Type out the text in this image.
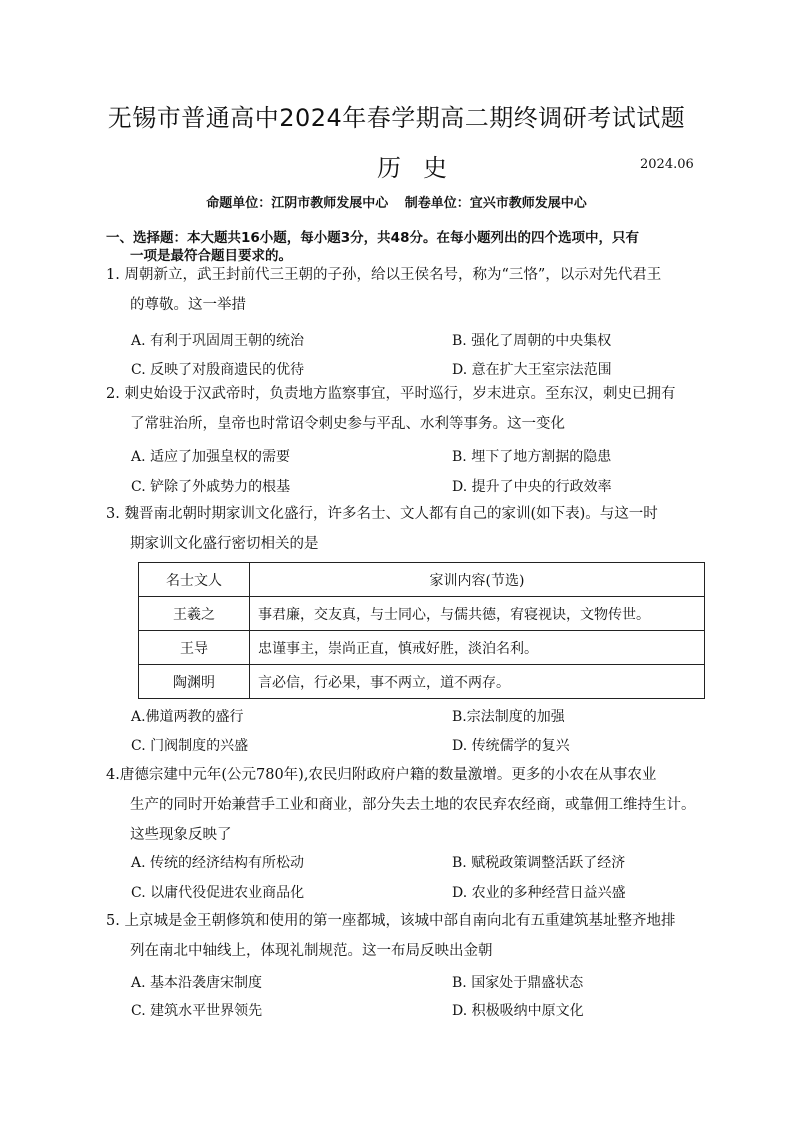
无锡市普通高中2024年春学期高二期终调研考试试题
历史	2024.06
命题单位：江阴市教师发展中心 制卷单位：宜兴市教师发展中心
一、选择题：本大题共16小题，每小题3分，共48分。在每小题列出的四个选项中，只有
一项是最符合题目要求的。
1. 周朝新立，武王封前代三王朝的子孙，给以王侯名号，称为“三恪”，以示对先代君王
的尊敬。这一举措
A. 有利于巩固周王朝的统治	B. 强化了周朝的中央集权
C. 反映了对殷商遗民的优待	D. 意在扩大王室宗法范围
2. 刺史始设于汉武帝时，负责地方监察事宜，平时巡行，岁末进京。至东汉，刺史已拥有
了常驻治所，皇帝也时常诏令刺史参与平乱、水利等事务。这一变化
A. 适应了加强皇权的需要	B. 埋下了地方割据的隐患
C. 铲除了外戚势力的根基	D. 提升了中央的行政效率
3. 魏晋南北朝时期家训文化盛行，许多名士、文人都有自己的家训(如下表)。与这一时
期家训文化盛行密切相关的是
名士文人	家训内容(节选)
王羲之	事君廉，交友真，与士同心，与儒共德，宥寝视诀，文物传世。
王导	忠谨事主，崇尚正直，慎戒好胜，淡泊名利。
陶渊明	言必信，行必果，事不两立，道不两存。
A.佛道两教的盛行	B.宗法制度的加强
C. 门阀制度的兴盛	D. 传统儒学的复兴
4.唐德宗建中元年(公元780年),农民归附政府户籍的数量激增。更多的小农在从事农业
生产的同时开始兼营手工业和商业，部分失去土地的农民弃农经商，或靠佣工维持生计。
这些现象反映了
A. 传统的经济结构有所松动	B. 赋税政策调整活跃了经济
C. 以庸代役促进农业商品化	D. 农业的多种经营日益兴盛
5. 上京城是金王朝修筑和使用的第一座都城，该城中部自南向北有五重建筑基址整齐地排
列在南北中轴线上，体现礼制规范。这一布局反映出金朝
A. 基本沿袭唐宋制度	B. 国家处于鼎盛状态
C. 建筑水平世界领先	D. 积极吸纳中原文化
